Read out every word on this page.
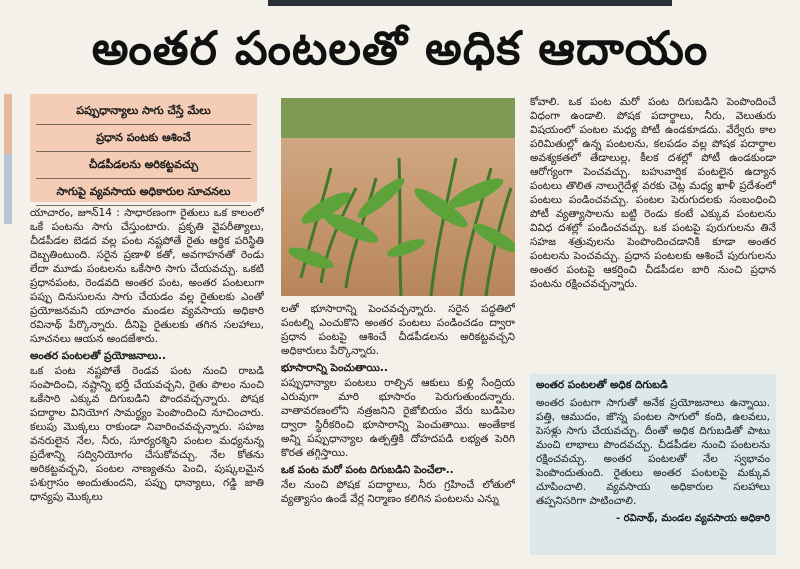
అంతర పంటలతో అధిక ఆదాయం
పప్పుధాన్యాలు సాగు చేస్తే మేలు
ప్రధాన పంటకు ఆశించే
చీడపీడలను అరికట్టవచ్చు
సాగుపై వ్యవసాయ అధికారుల సూచనలు

యాచారం, జూన్14 : సాధారణంగా రైతులు ఒక కాలంలో ఒకే పంటను సాగు చేస్తుంటారు. ప్రకృతి వైపరీత్యాలు, చీడపీడల బెడద వల్ల పంట నష్టపోతే రైతు ఆర్థిక పరిస్థితి దెబ్బతింటుంది. సరైన ప్రణాళి కతో, అవగాహనతో రెండు లేదా మూడు పంటలను ఒకేసారి సాగు చేయవచ్చు. ఒకటి ప్రధానపంట, రెండవది అంతర పంట, అంతర పంటలుగా పప్పు దినుసులను సాగు చేయడం వల్ల రైతులకు ఎంతో ప్రయోజనమని యాచారం మండల వ్యవసాయ అధికారి రవినాథ్ పేర్కొన్నారు. దీనిపై రైతులకు తగిన సలహాలు, సూచనలు ఆయన అందజేశారు.

అంతర పంటలతో ప్రయోజనాలు..

ఒక పంట నష్టపోతే రెండవ పంట నుంచి రాబడి సంపాదించి, నష్టాన్ని భర్తీ చేయవచ్చని, రైతు పొలం నుంచి ఒకేసారి ఎక్కువ దిగుబడిని పొందవచ్చన్నారు. పోషక పదార్థాల వినియోగ సామర్థ్యం పెంపొందించి నూచించారు. కలుపు మొక్కలు రాకుండా నివారించవచ్చన్నారు. సహజ వనరులైన నేల, నీరు, సూర్యరశ్మిని పంటల మధ్యనున్న ప్రదేశాన్ని సద్వినియోగం చేసుకోవచ్చు. నేల కోతను అరికట్టవచ్చని, పంటల నాణ్యతను పెంచి, పుష్కలమైన పశుగ్రాసం అందుతుందని, పప్పు ధాన్యాలు, గడ్డి జాతి ధాన్యపు మొక్కలు

లతో భూసారాన్ని పెంచవచ్చన్నారు. సరైన పద్ధతిలో పంటల్ని ఎంచుకొని అంతర పంటలు పండించడం ద్వారా ప్రధాన పంటపై ఆశించే చీడపీడలను అరికట్టవచ్చని అధికారులు పేర్కొన్నారు.

భూసారాన్ని పెంచుతాయి..

పప్పుధాన్యాల పంటలు రాల్చిన ఆకులు కుళ్లి సేంద్రియ ఎరువుగా మారి భూసారం పెరుగుతుందన్నారు. వాతావరణంలోని నత్రజనిని రైజోబియం వేరు బుడిపెల ద్వారా స్థిరీకరించి భూసారాన్ని పెంచుతాయి. అంతేకాక అన్ని పప్పుధాన్యాల ఉత్పత్తికి దోహదపడి లభ్యత పెరిగి కొరత తగ్గిస్తాయి.

ఒక పంట మరో పంట దిగుబడిని పెంచేలా..

నేల నుంచి పోషక పదార్థాలు, నీరు గ్రహించే లోతులో వ్యత్యాసం ఉండే వేర్ల నిర్మాణం కలిగిన పంటలను ఎన్ను

కోవాలి. ఒక పంట మరో పంట దిగుబడిని పెంపొందించే విధంగా ఉండాలి. పోషక పదార్థాలు, నీరు, వెలుతురు విషయంలో పంటల మధ్య పోటీ ఉండకూడదు. వేర్వేరు కాల పరిమితుల్లో ఉన్న పంటలను, కలపడం వల్ల పోషక పదార్థాల అవశ్యకతలో తేడాలుల్ల, కీలక దశల్లో పోటీ ఉండకుండా ఆరోగ్యంగా పెంచవచ్చు. బహువార్షిక పంటలైన ఉద్యాన పంటలు తొలిత నాలుగైదేళ్ల వరకు చెట్ల మధ్య ఖాళీ ప్రదేశంలో పంటలు పండించవచ్చు. పంటల పెరుగుదలకు సంబంధించి పోటీ వ్యత్యాసాలను బట్టి రెండు కంటే ఎక్కువ పంటలను వివిధ దశల్లో పండించవచ్చు. ఒక పంటపై పురుగులను తినే సహజ శత్రువులను పెంపొందించడానికి కూడా అంతర పంటలను పెంచవచ్చు. ప్రధాన పంటలకు ఆశించే పురుగులను అంతర పంటపై ఆకర్షించి చీడపీడల బారి నుంచి ప్రధాన పంటను రక్షించవచ్చన్నారు.

అంతర పంటలతో అధిక దిగుబడి
అంతర పంటగా సాగుతో అనేక ప్రయోజనాలు ఉన్నాయి. పత్తి, ఆముదం, జొన్న పంటల సాగులో కంది, ఉలవలు, పెసళ్లు సాగు చేయవచ్చు. దీంతో అధిక దిగుబడితో పాటు మంచి లాభాలు పొందవచ్చు. చీడపీడల నుంచి పంటలను రక్షించవచ్చు. అంతర పంటలతో నేల స్వభావం పెంపొందుతుంది. రైతులు అంతర పంటలపై మక్కువ చూపించాలి. వ్యవసాయ అధికారుల సలహాలు తప్పనిసరిగా పాటించాలి.
- రవినాథ్, మండల వ్యవసాయ అధికారి
